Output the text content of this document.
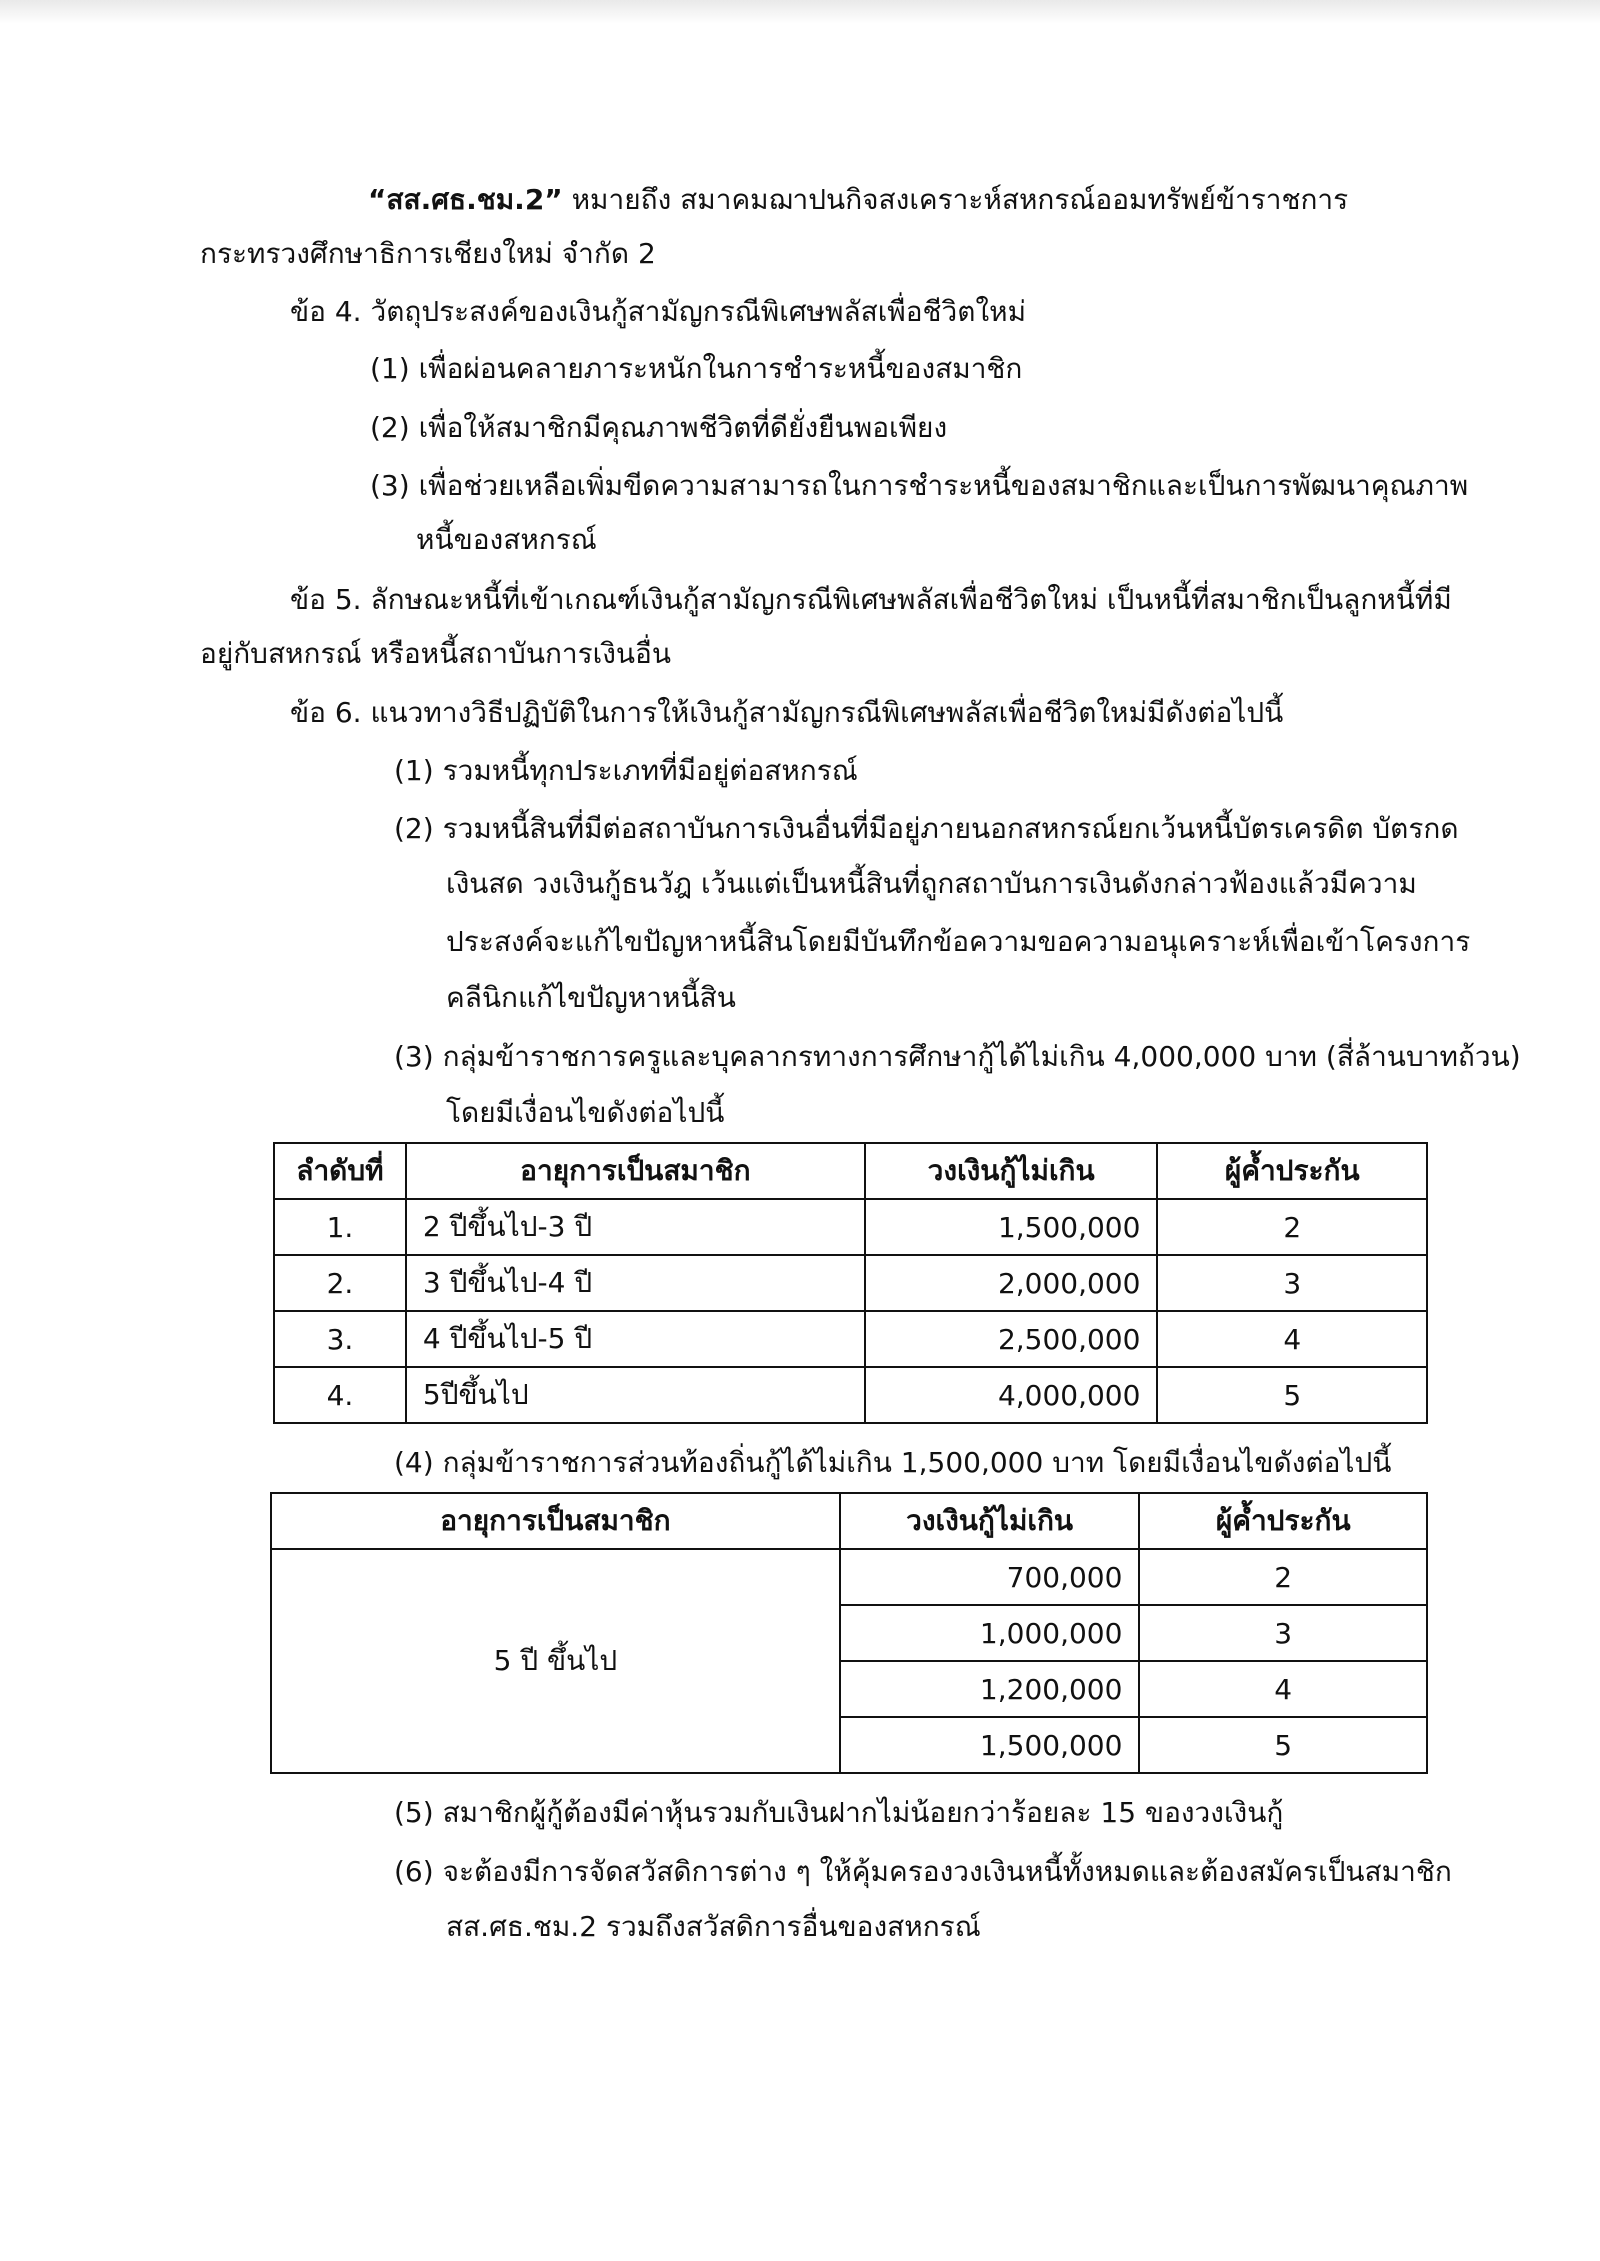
“สส.ศธ.ชม.2” หมายถึง สมาคมฌาปนกิจสงเคราะห์สหกรณ์ออมทรัพย์ข้าราชการ
กระทรวงศึกษาธิการเชียงใหม่ จำกัด 2
ข้อ 4. วัตถุประสงค์ของเงินกู้สามัญกรณีพิเศษพลัสเพื่อชีวิตใหม่
(1) เพื่อผ่อนคลายภาระหนักในการชำระหนี้ของสมาชิก
(2) เพื่อให้สมาชิกมีคุณภาพชีวิตที่ดียั่งยืนพอเพียง
(3) เพื่อช่วยเหลือเพิ่มขีดความสามารถในการชำระหนี้ของสมาชิกและเป็นการพัฒนาคุณภาพ
หนี้ของสหกรณ์
ข้อ 5. ลักษณะหนี้ที่เข้าเกณฑ์เงินกู้สามัญกรณีพิเศษพลัสเพื่อชีวิตใหม่ เป็นหนี้ที่สมาชิกเป็นลูกหนี้ที่มี
อยู่กับสหกรณ์ หรือหนี้สถาบันการเงินอื่น
ข้อ 6. แนวทางวิธีปฏิบัติในการให้เงินกู้สามัญกรณีพิเศษพลัสเพื่อชีวิตใหม่มีดังต่อไปนี้
(1) รวมหนี้ทุกประเภทที่มีอยู่ต่อสหกรณ์
(2) รวมหนี้สินที่มีต่อสถาบันการเงินอื่นที่มีอยู่ภายนอกสหกรณ์ยกเว้นหนี้บัตรเครดิต บัตรกด
เงินสด วงเงินกู้ธนวัฎ เว้นแต่เป็นหนี้สินที่ถูกสถาบันการเงินดังกล่าวฟ้องแล้วมีความ
ประสงค์จะแก้ไขปัญหาหนี้สินโดยมีบันทึกข้อความขอความอนุเคราะห์เพื่อเข้าโครงการ
คลีนิกแก้ไขปัญหาหนี้สิน
(3) กลุ่มข้าราชการครูและบุคลากรทางการศึกษากู้ได้ไม่เกิน 4,000,000 บาท (สี่ล้านบาทถ้วน)
โดยมีเงื่อนไขดังต่อไปนี้
ลำดับที่	อายุการเป็นสมาชิก	วงเงินกู้ไม่เกิน	ผู้ค้ำประกัน
1.	2 ปีขึ้นไป-3 ปี	1,500,000	2
2.	3 ปีขึ้นไป-4 ปี	2,000,000	3
3.	4 ปีขึ้นไป-5 ปี	2,500,000	4
4.	5ปีขึ้นไป	4,000,000	5
(4) กลุ่มข้าราชการส่วนท้องถิ่นกู้ได้ไม่เกิน 1,500,000 บาท โดยมีเงื่อนไขดังต่อไปนี้
อายุการเป็นสมาชิก	วงเงินกู้ไม่เกิน	ผู้ค้ำประกัน
5 ปี ขึ้นไป	700,000	2
	1,000,000	3
	1,200,000	4
	1,500,000	5
(5) สมาชิกผู้กู้ต้องมีค่าหุ้นรวมกับเงินฝากไม่น้อยกว่าร้อยละ 15 ของวงเงินกู้
(6) จะต้องมีการจัดสวัสดิการต่าง ๆ ให้คุ้มครองวงเงินหนี้ทั้งหมดและต้องสมัครเป็นสมาชิก
สส.ศธ.ชม.2 รวมถึงสวัสดิการอื่นของสหกรณ์
